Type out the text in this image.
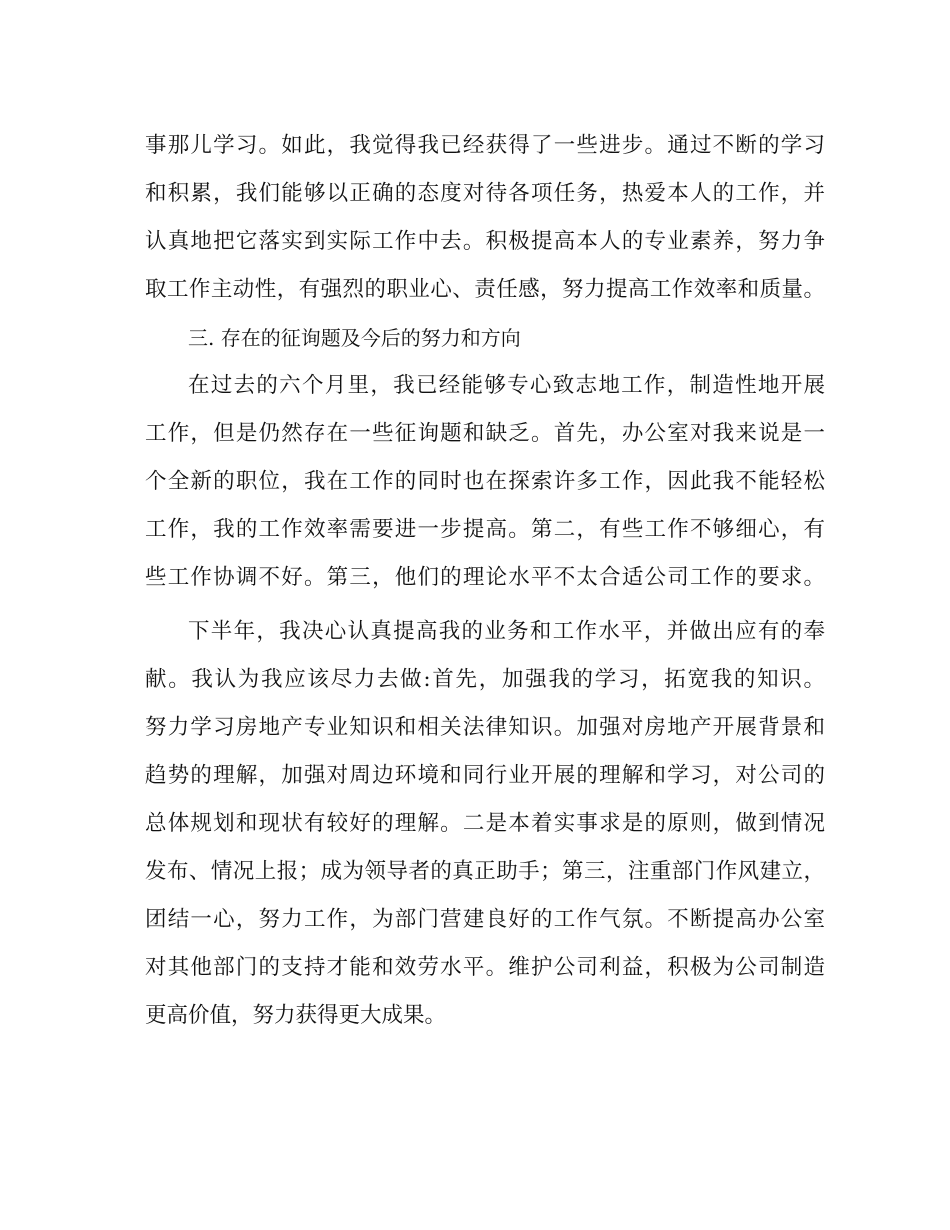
事那儿学习。如此，我觉得我已经获得了一些进步。通过不断的学习
和积累，我们能够以正确的态度对待各项任务，热爱本人的工作，并
认真地把它落实到实际工作中去。积极提高本人的专业素养，努力争
取工作主动性，有强烈的职业心、责任感，努力提高工作效率和质量。
三. 存在的征询题及今后的努力和方向
在过去的六个月里，我已经能够专心致志地工作，制造性地开展
工作，但是仍然存在一些征询题和缺乏。首先，办公室对我来说是一
个全新的职位，我在工作的同时也在探索许多工作，因此我不能轻松
工作，我的工作效率需要进一步提高。第二，有些工作不够细心，有
些工作协调不好。第三，他们的理论水平不太合适公司工作的要求。
下半年，我决心认真提高我的业务和工作水平，并做出应有的奉
献。我认为我应该尽力去做:首先，加强我的学习，拓宽我的知识。
努力学习房地产专业知识和相关法律知识。加强对房地产开展背景和
趋势的理解，加强对周边环境和同行业开展的理解和学习，对公司的
总体规划和现状有较好的理解。二是本着实事求是的原则，做到情况
发布、情况上报；成为领导者的真正助手；第三，注重部门作风建立，
团结一心，努力工作，为部门营建良好的工作气氛。不断提高办公室
对其他部门的支持才能和效劳水平。维护公司利益，积极为公司制造
更高价值，努力获得更大成果。
